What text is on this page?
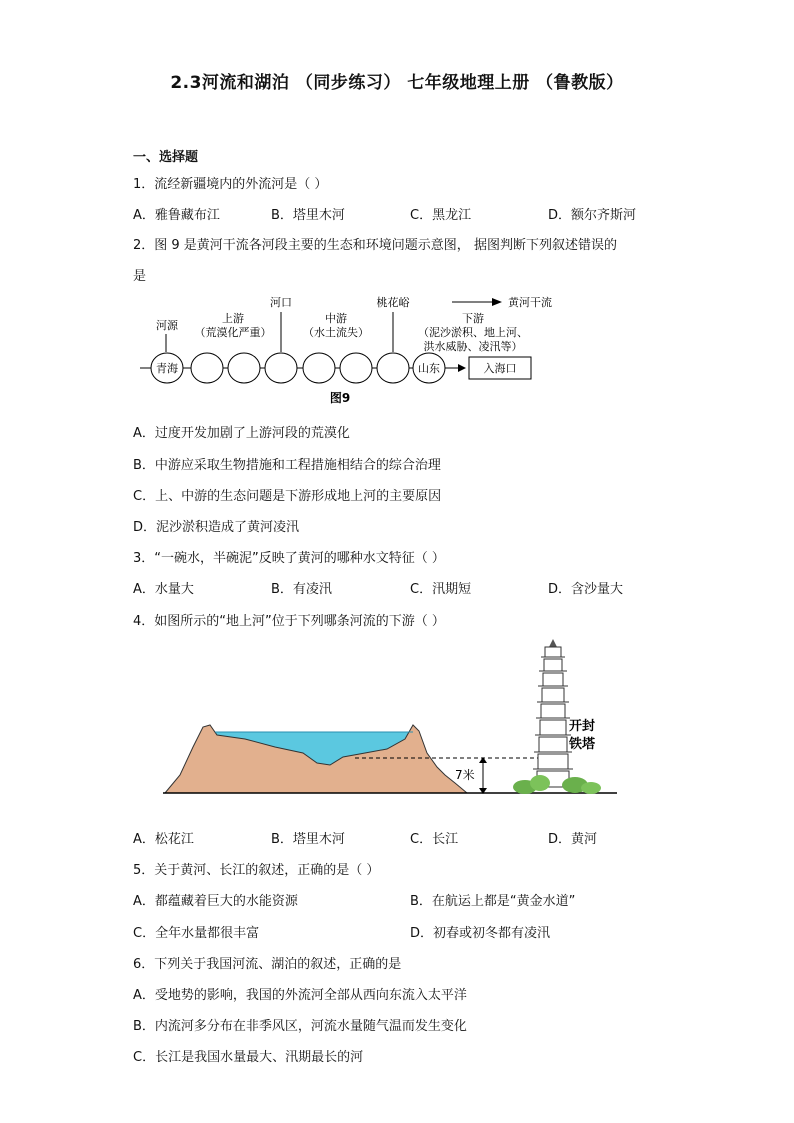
2.3河流和湖泊 （同步练习） 七年级地理上册 （鲁教版）
一、选择题
1．流经新疆境内的外流河是（ ）
A．雅鲁藏布江	B．塔里木河	C．黑龙江	D．额尔齐斯河
2．图 9 是黄河干流各河段主要的生态和环境问题示意图， 据图判断下列叙述错误的
是
黄河干流
河源
上游
（荒漠化严重）
河口
中游
（水土流失）
桃花峪
下游
（泥沙淤积、地上河、
洪水威胁、凌汛等）
青海	山东	入海口
图9
A．过度开发加剧了上游河段的荒漠化
B．中游应采取生物措施和工程措施相结合的综合治理
C．上、中游的生态问题是下游形成地上河的主要原因
D．泥沙淤积造成了黄河凌汛
3．“一碗水，半碗泥”反映了黄河的哪种水文特征（ ）
A．水量大	B．有凌汛	C．汛期短	D．含沙量大
4．如图所示的“地上河”位于下列哪条河流的下游（ ）
7米
开封
铁塔
A．松花江	B．塔里木河	C．长江	D．黄河
5．关于黄河、长江的叙述，正确的是（ ）
A．都蕴藏着巨大的水能资源	B．在航运上都是“黄金水道”
C．全年水量都很丰富	D．初春或初冬都有凌汛
6．下列关于我国河流、湖泊的叙述，正确的是
A．受地势的影响，我国的外流河全部从西向东流入太平洋
B．内流河多分布在非季风区，河流水量随气温而发生变化
C．长江是我国水量最大、汛期最长的河
